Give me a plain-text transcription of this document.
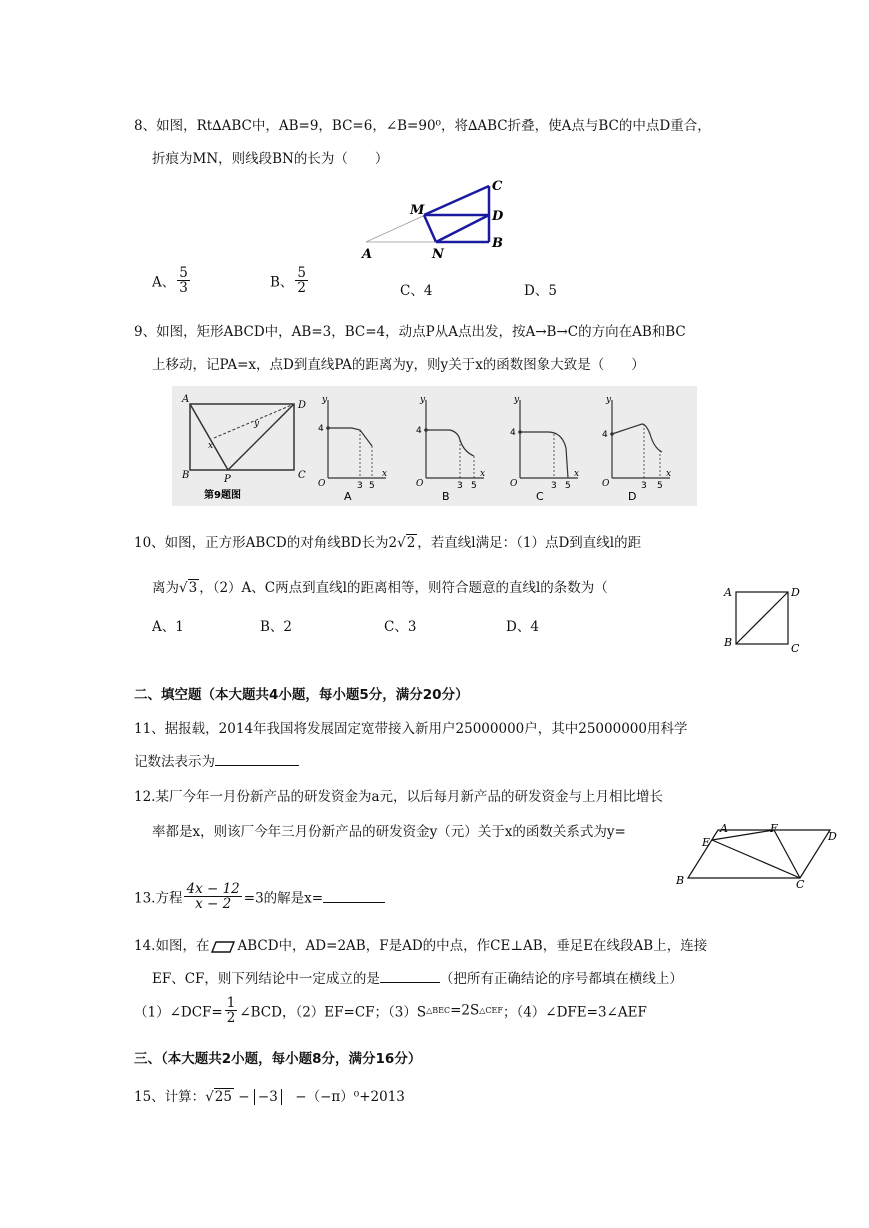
8、如图，Rt∆ABC中，AB=9，BC=6，∠B=90⁰，将∆ABC折叠，使A点与BC的中点D重合，
折痕为MN，则线段BN的长为（　　）
M
C
D
B
A	N
A、 $\frac{5}{3}$	B、 $\frac{5}{2}$	C、4	D、5
9、如图，矩形ABCD中，AB=3，BC=4，动点P从A点出发，按A→B→C的方向在AB和BC
上移动，记PA=x，点D到直线PA的距离为y，则y关于x的函数图象大致是（　　）
A
D
B	P	C
y
x
第9题图
4
O	3 5
x
y
A
4
O	3 5
x
y
B
4
O	3 5
x
y
C
4
O	3 5
x
y
D
10、如图，正方形ABCD的对角线BD长为2√2 ，若直线l满足：（1）点D到直线l的距
离为√3 ，（2）A、C两点到直线l的距离相等，则符合题意的直线l的条数为（
A、1	B、2	C、3	D、4
A	D
B	C
二、填空题（本大题共4小题，每小题5分，满分20分）
11、据报载，2014年我国将发展固定宽带接入新用户25000000户，其中25000000用科学
记数法表示为
12.某厂今年一月份新产品的研发资金为a元，以后每月新产品的研发资金与上月相比增长
率都是x，则该厂今年三月份新产品的研发资金y（元）关于x的函数关系式为y=	A	F
D
E
B	C
13.方程 $\frac{4x - 12}{x - 2} =3$的解是x=
14.如图，在 ABCD中，AD=2AB，F是AD的中点，作CE⊥AB，垂足E在线段AB上，连接
EF、CF，则下列结论中一定成立的是	（把所有正确结论的序号都填在横线上）
（1）∠DCF= $\frac{1}{2}$ ∠BCD，（2）EF=CF；（3）S△BEC=2S△CEF；（4）∠DFE=3∠AEF
三、（本大题共2小题，每小题8分，满分16分）
15、计算：√25 − −3　−（−π）⁰+2013
